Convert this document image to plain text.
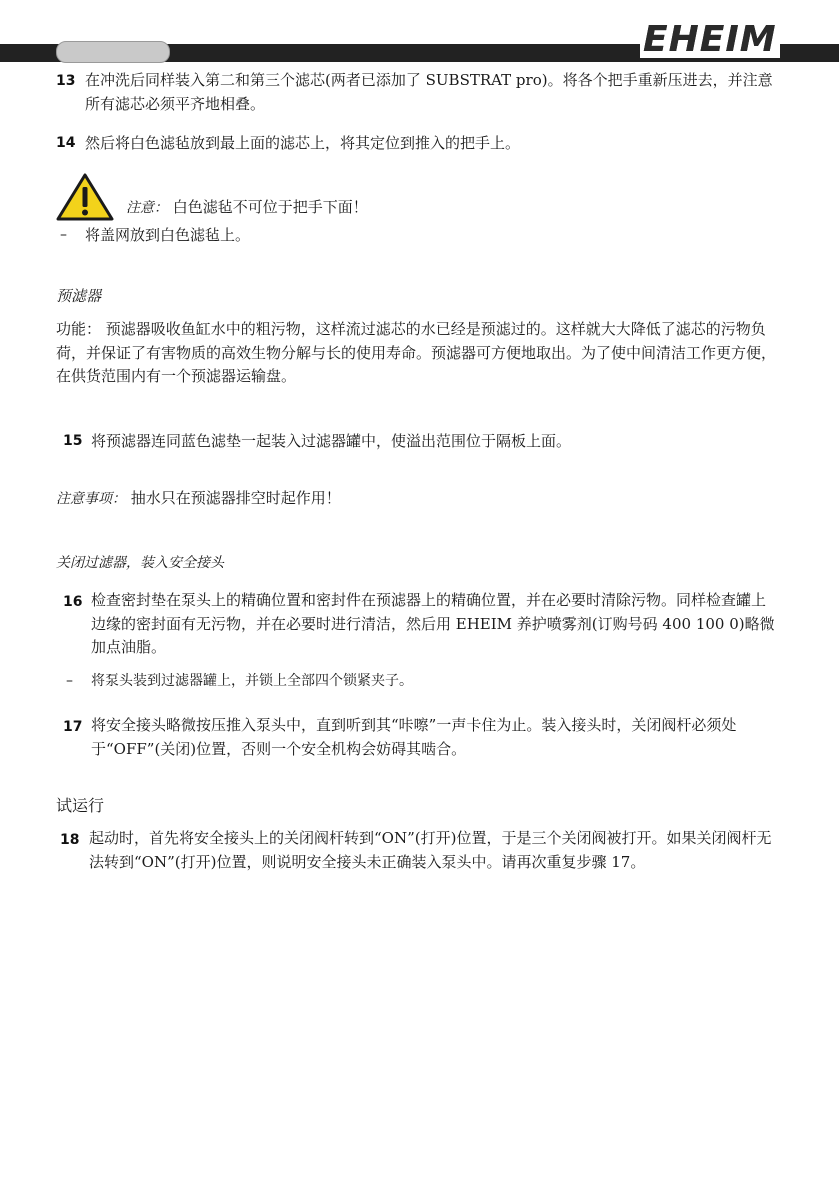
EHEIM
13 在冲洗后同样装入第二和第三个滤芯(两者已添加了 SUBSTRAT pro)。将各个把手重新压进去，并注意所有滤芯必须平齐地相叠。
14 然后将白色滤毡放到最上面的滤芯上，将其定位到推入的把手上。
注意： 白色滤毡不可位于把手下面！
– 将盖网放到白色滤毡上。
预滤器
功能： 预滤器吸收鱼缸水中的粗污物，这样流过滤芯的水已经是预滤过的。这样就大大降低了滤芯的污物负荷，并保证了有害物质的高效生物分解与长的使用寿命。预滤器可方便地取出。为了使中间清洁工作更方便，在供货范围内有一个预滤器运输盘。
15 将预滤器连同蓝色滤垫一起装入过滤器罐中，使溢出范围位于隔板上面。
注意事项： 抽水只在预滤器排空时起作用！
关闭过滤器，装入安全接头
16 检查密封垫在泵头上的精确位置和密封件在预滤器上的精确位置，并在必要时清除污物。同样检查罐上边缘的密封面有无污物，并在必要时进行清洁，然后用 EHEIM 养护喷雾剂(订购号码 400 100 0)略微加点油脂。
– 将泵头装到过滤器罐上，并锁上全部四个锁紧夹子。
17 将安全接头略微按压推入泵头中，直到听到其“咔嚓”一声卡住为止。装入接头时，关闭阀杆必须处于“OFF”(关闭)位置，否则一个安全机构会妨碍其啮合。
试运行
18 起动时，首先将安全接头上的关闭阀杆转到“ON”(打开)位置，于是三个关闭阀被打开。如果关闭阀杆无法转到“ON”(打开)位置，则说明安全接头未正确装入泵头中。请再次重复步骤 17。
